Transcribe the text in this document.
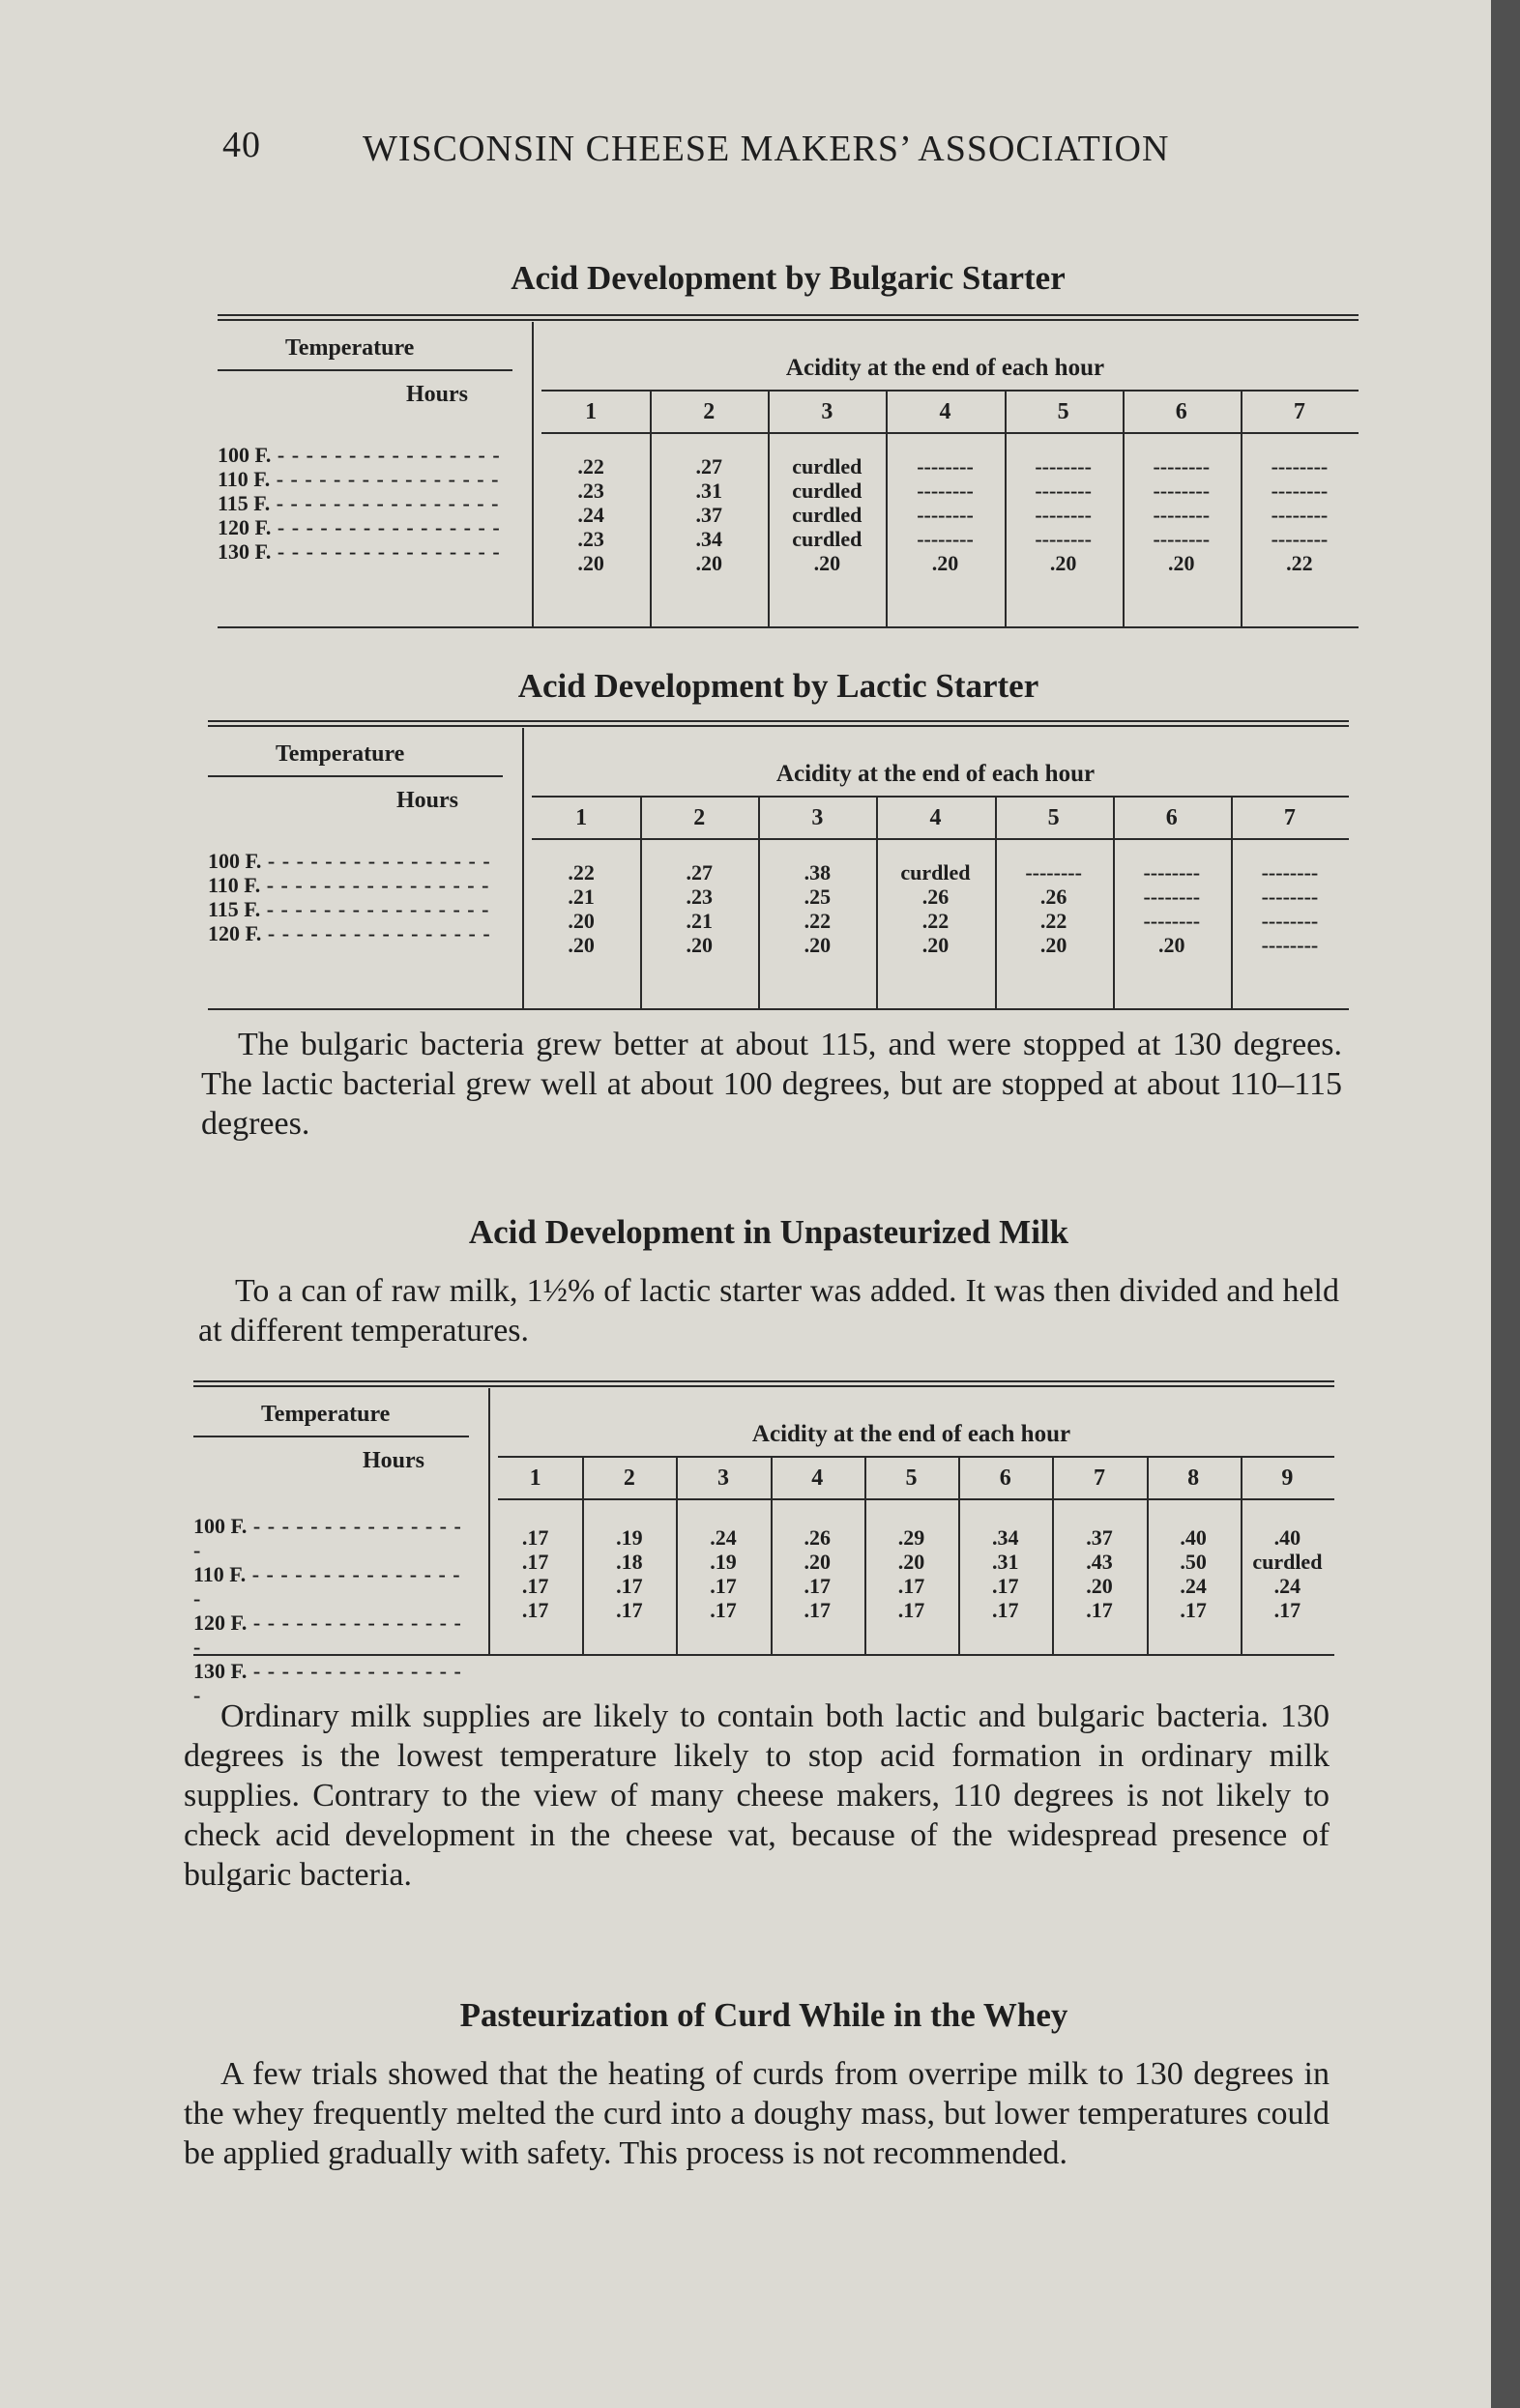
40	WISCONSIN CHEESE MAKERS’ ASSOCIATION
Acid Development by Bulgaric Starter
Temperature
Hours
Acidity at the end of each hour
1
.22
.23
.24
.23
.20
2
.27
.31
.37
.34
.20
3
curdled
curdled
curdled
curdled
.20
4
--------
--------
--------
--------
.20
5
--------
--------
--------
--------
.20
6
--------
--------
--------
--------
.20
7
--------
--------
--------
--------
.22
100 F. - - - - - - - - - - - - - - - -
110 F. - - - - - - - - - - - - - - - -
115 F. - - - - - - - - - - - - - - - -
120 F. - - - - - - - - - - - - - - - -
130 F. - - - - - - - - - - - - - - - -
Acid Development by Lactic Starter
Temperature
Hours
Acidity at the end of each hour
1
.22
.21
.20
.20
2
.27
.23
.21
.20
3
.38
.25
.22
.20
4
curdled
.26
.22
.20
5
--------
.26
.22
.20
6
--------
--------
--------
.20
7
--------
--------
--------
--------
100 F. - - - - - - - - - - - - - - - -
110 F. - - - - - - - - - - - - - - - -
115 F. - - - - - - - - - - - - - - - -
120 F. - - - - - - - - - - - - - - - -

The bulgaric bacteria grew better at about 115, and were stopped at 130 degrees. The lactic bacterial grew well at about 100 degrees, but are stopped at about 110–115 degrees.

Acid Development in Unpasteurized Milk

To a can of raw milk, 1½% of lactic starter was added. It was then divided and held at different temperatures.

Temperature
Hours
Acidity at the end of each hour
1
.17
.17
.17
.17
2
.19
.18
.17
.17
3
.24
.19
.17
.17
4
.26
.20
.17
.17
5
.29
.20
.17
.17
6
.34
.31
.17
.17
7
.37
.43
.20
.17
8
.40
.50
.24
.17
9
.40
curdled
.24
.17
100 F. - - - - - - - - - - - - - - - -
110 F. - - - - - - - - - - - - - - - -
120 F. - - - - - - - - - - - - - - - -
130 F. - - - - - - - - - - - - - - - -

Ordinary milk supplies are likely to contain both lactic and bulgaric bacteria. 130 degrees is the lowest temperature likely to stop acid formation in ordinary milk supplies. Contrary to the view of many cheese makers, 110 degrees is not likely to check acid development in the cheese vat, because of the widespread presence of bulgaric bacteria.

Pasteurization of Curd While in the Whey

A few trials showed that the heating of curds from overripe milk to 130 degrees in the whey frequently melted the curd into a doughy mass, but lower temperatures could be applied gradually with safety. This process is not recommended.
